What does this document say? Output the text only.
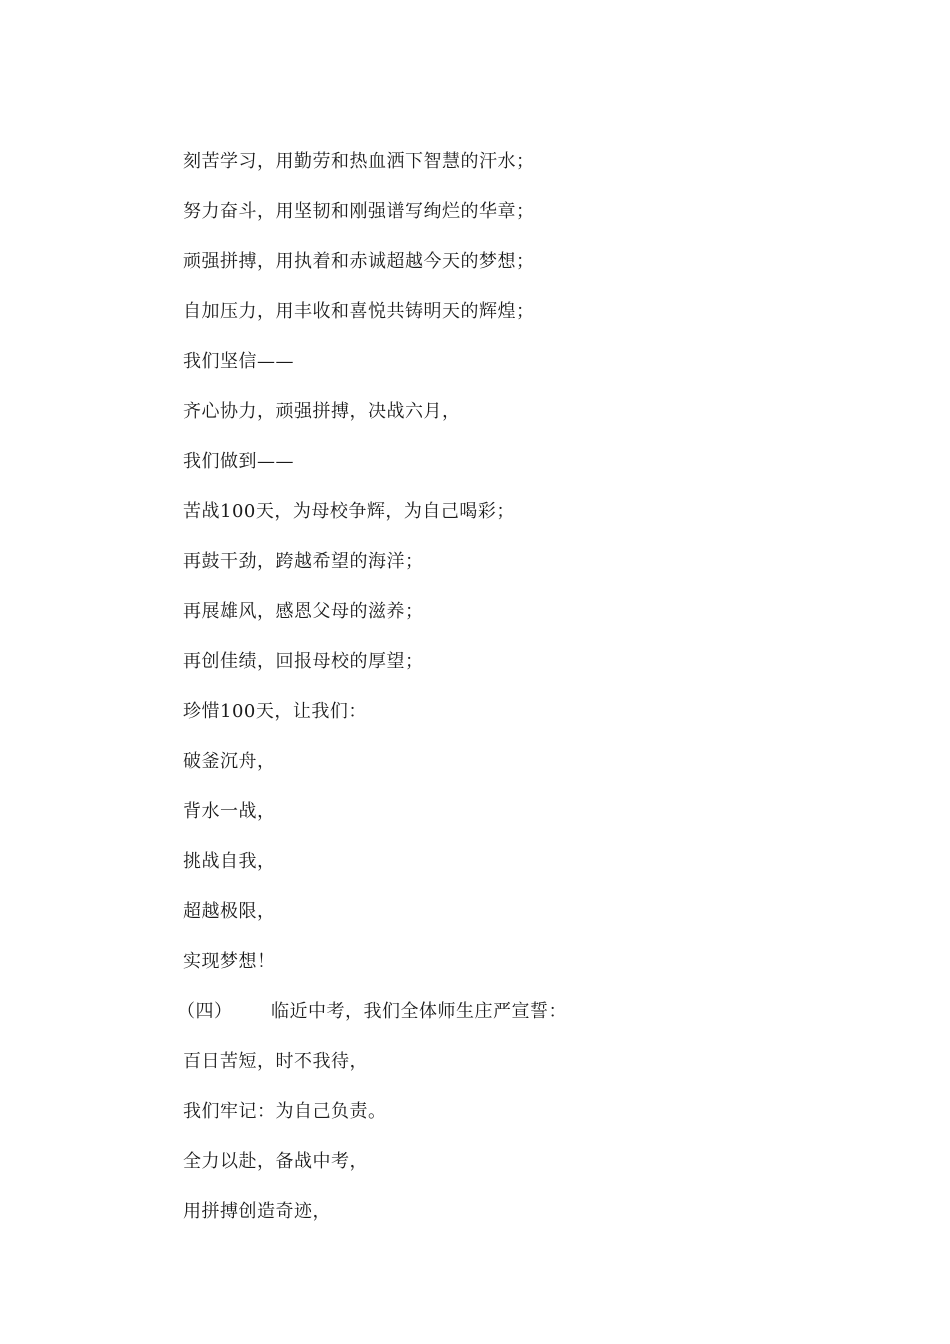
刻苦学习，用勤劳和热血洒下智慧的汗水；
努力奋斗，用坚韧和刚强谱写绚烂的华章；
顽强拼搏，用执着和赤诚超越今天的梦想；
自加压力，用丰收和喜悦共铸明天的辉煌；
我们坚信——
齐心协力，顽强拼搏，决战六月，
我们做到——
苦战100天，为母校争辉，为自己喝彩；
再鼓干劲，跨越希望的海洋；
再展雄风，感恩父母的滋养；
再创佳绩，回报母校的厚望；
珍惜100天，让我们：
破釜沉舟，
背水一战，
挑战自我，
超越极限，
实现梦想！
（四） 临近中考，我们全体师生庄严宣誓：
百日苦短，时不我待，
我们牢记：为自己负责。
全力以赴，备战中考，
用拼搏创造奇迹，
